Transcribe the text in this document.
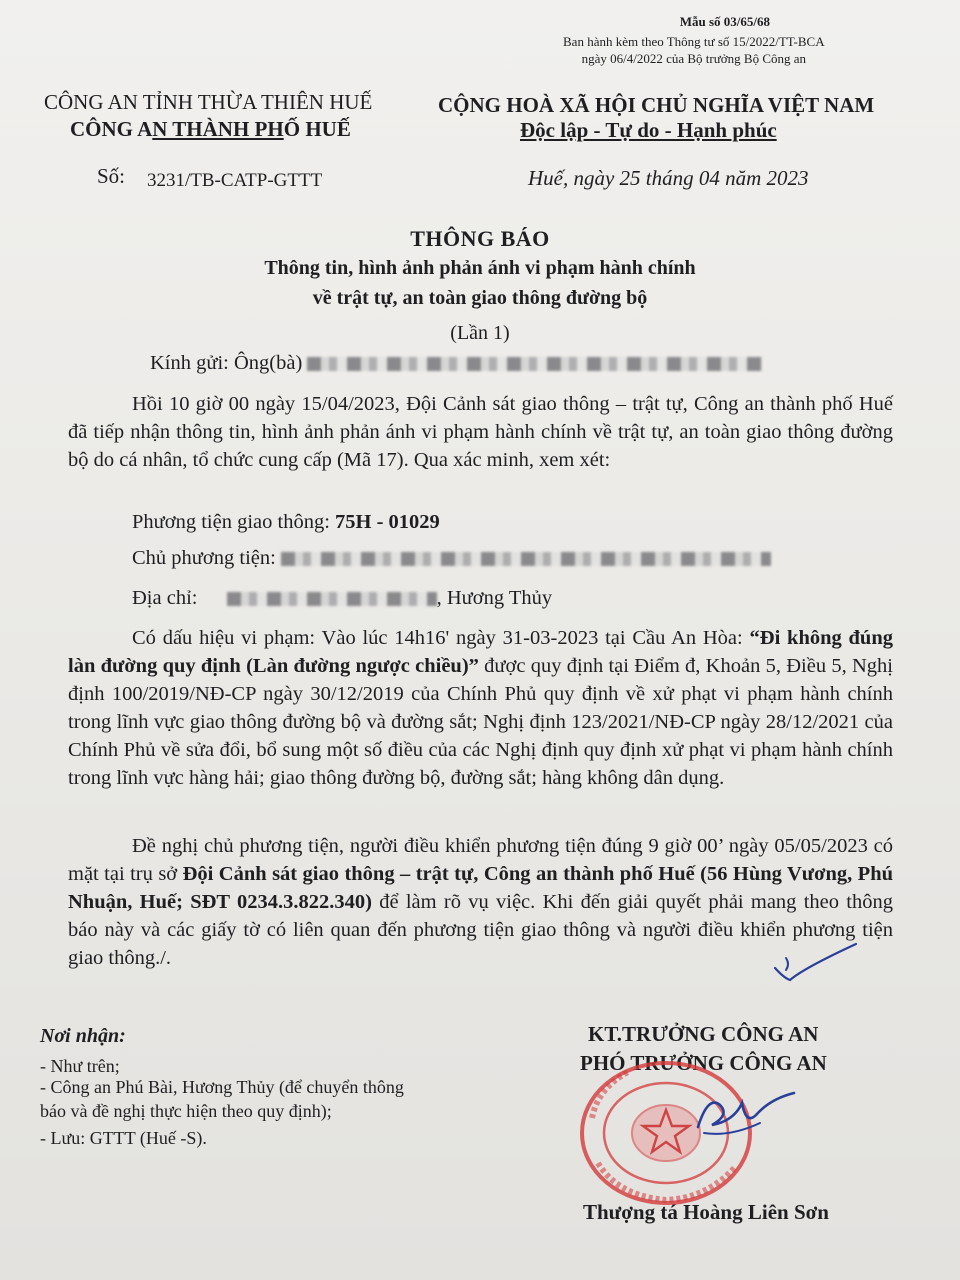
Mẫu số 03/65/68
Ban hành kèm theo Thông tư số 15/2022/TT-BCA
ngày 06/4/2022 của Bộ trưởng Bộ Công an
CÔNG AN TỈNH THỪA THIÊN HUẾ
CÔNG AN THÀNH PHỐ HUẾ
CỘNG HOÀ XÃ HỘI CHỦ NGHĨA VIỆT NAM
Độc lập - Tự do - Hạnh phúc
Số: 3231/TB-CATP-GTTT	Huế, ngày 25 tháng 04 năm 2023
THÔNG BÁO
Thông tin, hình ảnh phản ánh vi phạm hành chính
về trật tự, an toàn giao thông đường bộ
(Lần 1)
Kính gửi: Ông(bà)
Hồi 10 giờ 00 ngày 15/04/2023, Đội Cảnh sát giao thông – trật tự, Công an thành phố Huế đã tiếp nhận thông tin, hình ảnh phản ánh vi phạm hành chính về trật tự, an toàn giao thông đường bộ do cá nhân, tổ chức cung cấp (Mã 17). Qua xác minh, xem xét:
Phương tiện giao thông: 75H - 01029
Chủ phương tiện:
Địa chỉ:	, Hương Thủy
Có dấu hiệu vi phạm: Vào lúc 14h16' ngày 31-03-2023 tại Cầu An Hòa: “Đi không đúng làn đường quy định (Làn đường ngược chiều)” được quy định tại Điểm đ, Khoản 5, Điều 5, Nghị định 100/2019/NĐ-CP ngày 30/12/2019 của Chính Phủ quy định về xử phạt vi phạm hành chính trong lĩnh vực giao thông đường bộ và đường sắt; Nghị định 123/2021/NĐ-CP ngày 28/12/2021 của Chính Phủ về sửa đổi, bổ sung một số điều của các Nghị định quy định xử phạt vi phạm hành chính trong lĩnh vực hàng hải; giao thông đường bộ, đường sắt; hàng không dân dụng.
Đề nghị chủ phương tiện, người điều khiển phương tiện đúng 9 giờ 00’ ngày 05/05/2023 có mặt tại trụ sở Đội Cảnh sát giao thông – trật tự, Công an thành phố Huế (56 Hùng Vương, Phú Nhuận, Huế; SĐT 0234.3.822.340) để làm rõ vụ việc. Khi đến giải quyết phải mang theo thông báo này và các giấy tờ có liên quan đến phương tiện giao thông và người điều khiển phương tiện giao thông./.
Nơi nhận:
- Như trên;
- Công an Phú Bài, Hương Thủy (để chuyển thông
báo và đề nghị thực hiện theo quy định);
- Lưu: GTTT (Huế -S).
KT.TRƯỞNG CÔNG AN
PHÓ TRƯỞNG CÔNG AN
Thượng tá Hoàng Liên Sơn
